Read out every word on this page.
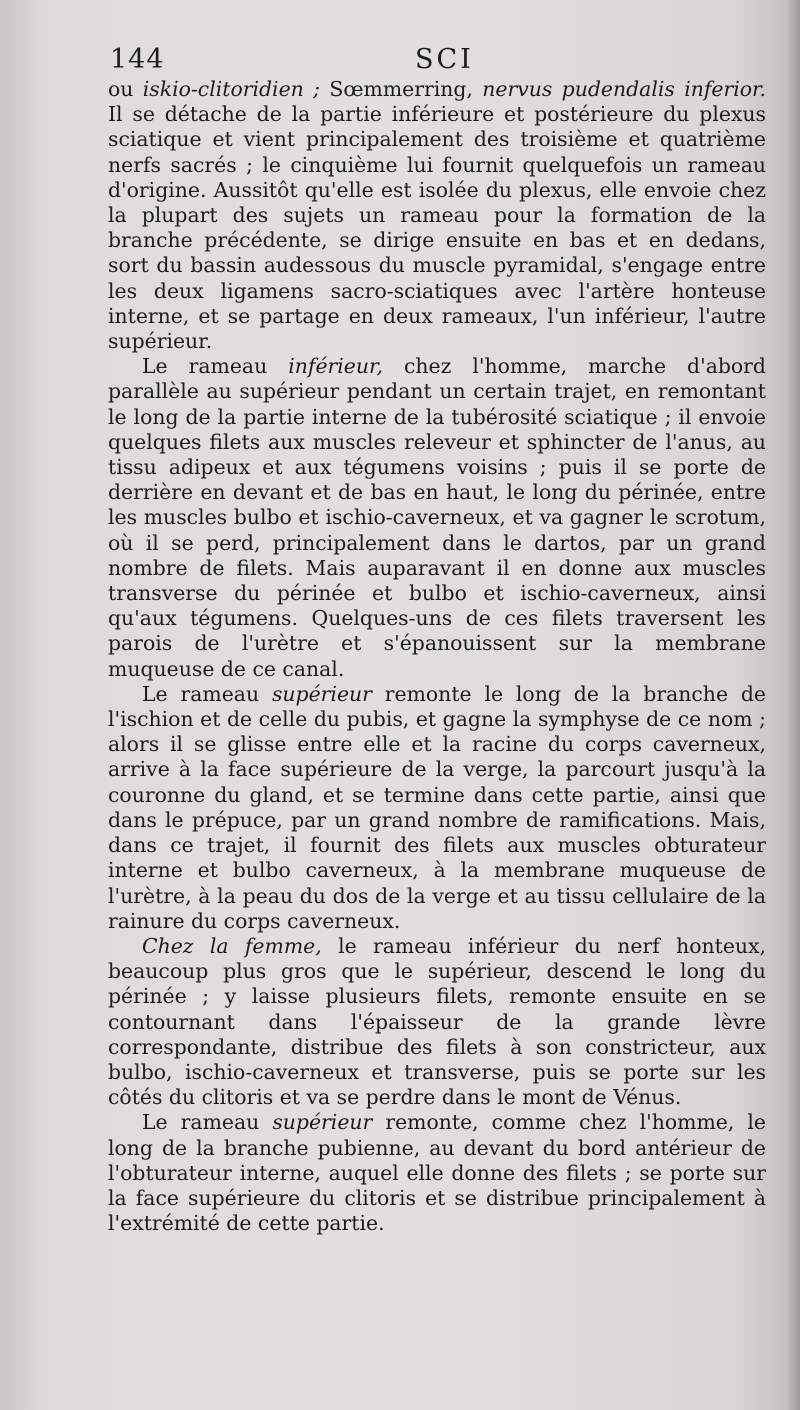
144	SCI

ou iskio-clitoridien ; Sœmmerring, nervus pudendalis inferior. Il se détache de la partie inférieure et postérieure du plexus sciatique et vient principalement des troisième et quatrième nerfs sacrés ; le cinquième lui fournit quelquefois un rameau d'origine. Aussitôt qu'elle est isolée du plexus, elle envoie chez la plupart des sujets un rameau pour la formation de la branche précédente, se dirige ensuite en bas et en dedans, sort du bassin audessous du muscle pyramidal, s'engage entre les deux ligamens sacro-sciatiques avec l'artère honteuse interne, et se partage en deux rameaux, l'un inférieur, l'autre supérieur.

Le rameau inférieur, chez l'homme, marche d'abord parallèle au supérieur pendant un certain trajet, en remontant le long de la partie interne de la tubérosité sciatique ; il envoie quelques filets aux muscles releveur et sphincter de l'anus, au tissu adipeux et aux tégumens voisins ; puis il se porte de derrière en devant et de bas en haut, le long du périnée, entre les muscles bulbo et ischio-caverneux, et va gagner le scrotum, où il se perd, principalement dans le dartos, par un grand nombre de filets. Mais auparavant il en donne aux muscles transverse du périnée et bulbo et ischio-caverneux, ainsi qu'aux tégumens. Quelques-uns de ces filets traversent les parois de l'urètre et s'épanouissent sur la membrane muqueuse de ce canal.

Le rameau supérieur remonte le long de la branche de l'ischion et de celle du pubis, et gagne la symphyse de ce nom ; alors il se glisse entre elle et la racine du corps caverneux, arrive à la face supérieure de la verge, la parcourt jusqu'à la couronne du gland, et se termine dans cette partie, ainsi que dans le prépuce, par un grand nombre de ramifications. Mais, dans ce trajet, il fournit des filets aux muscles obturateur interne et bulbo caverneux, à la membrane muqueuse de l'urètre, à la peau du dos de la verge et au tissu cellulaire de la rainure du corps caverneux.

Chez la femme, le rameau inférieur du nerf honteux, beaucoup plus gros que le supérieur, descend le long du périnée ; y laisse plusieurs filets, remonte ensuite en se contournant dans l'épaisseur de la grande lèvre correspondante, distribue des filets à son constricteur, aux bulbo, ischio-caverneux et transverse, puis se porte sur les côtés du clitoris et va se perdre dans le mont de Vénus.

Le rameau supérieur remonte, comme chez l'homme, le long de la branche pubienne, au devant du bord antérieur de l'obturateur interne, auquel elle donne des filets ; se porte sur la face supérieure du clitoris et se distribue principalement à l'extrémité de cette partie.
